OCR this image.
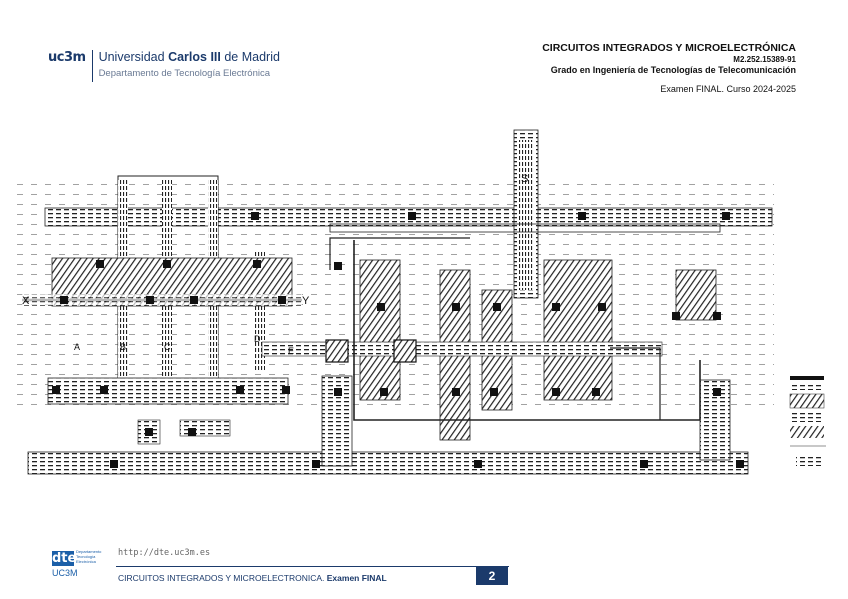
uc3m Universidad Carlos III de Madrid
Departamento de Tecnología Electrónica
CIRCUITOS INTEGRADOS Y MICROELECTRÓNICA
M2.252.15389-91
Grado en Ingeniería de Tecnologías de Telecomunicación
Examen FINAL. Curso 2024-2025
X	Y
S
A	B	C
D
E
dteDepartamento Tecnología Electrónica
UC3M
http://dte.uc3m.es
CIRCUITOS INTEGRADOS Y MICROELECTRONICA. Examen FINAL	2
